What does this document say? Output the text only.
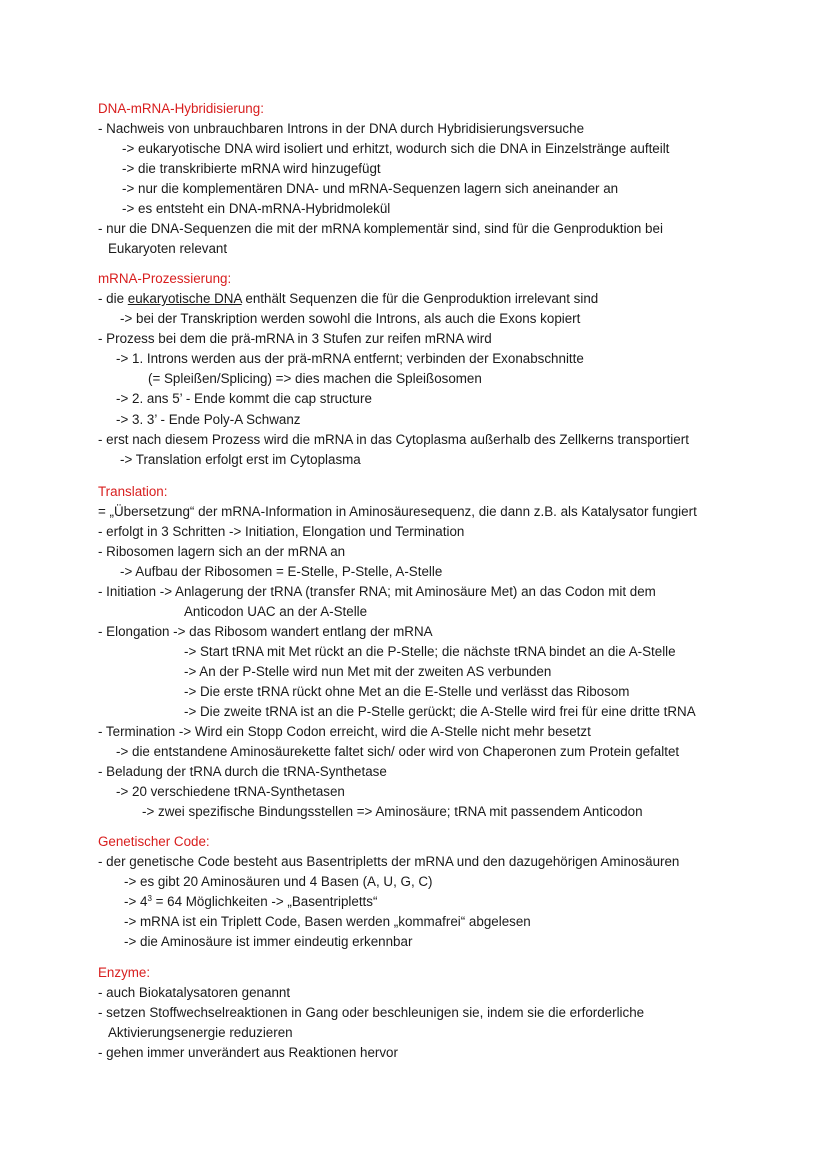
DNA-mRNA-Hybridisierung:
- Nachweis von unbrauchbaren Introns in der DNA durch Hybridisierungsversuche
-> eukaryotische DNA wird isoliert und erhitzt, wodurch sich die DNA in Einzelstränge aufteilt
-> die transkribierte mRNA wird hinzugefügt
-> nur die komplementären DNA- und mRNA-Sequenzen lagern sich aneinander an
-> es entsteht ein DNA-mRNA-Hybridmolekül
- nur die DNA-Sequenzen die mit der mRNA komplementär sind, sind für die Genproduktion bei
Eukaryoten relevant
mRNA-Prozessierung:
- die eukaryotische DNA enthält Sequenzen die für die Genproduktion irrelevant sind
-> bei der Transkription werden sowohl die Introns, als auch die Exons kopiert
- Prozess bei dem die prä-mRNA in 3 Stufen zur reifen mRNA wird
-> 1. Introns werden aus der prä-mRNA entfernt; verbinden der Exonabschnitte
(= Spleißen/Splicing) => dies machen die Spleißosomen
-> 2. ans 5’ - Ende kommt die cap structure
-> 3. 3’ - Ende Poly-A Schwanz
- erst nach diesem Prozess wird die mRNA in das Cytoplasma außerhalb des Zellkerns transportiert
-> Translation erfolgt erst im Cytoplasma
Translation:
= „Übersetzung“ der mRNA-Information in Aminosäuresequenz, die dann z.B. als Katalysator fungiert
- erfolgt in 3 Schritten -> Initiation, Elongation und Termination
- Ribosomen lagern sich an der mRNA an
-> Aufbau der Ribosomen = E-Stelle, P-Stelle, A-Stelle
- Initiation -> Anlagerung der tRNA (transfer RNA; mit Aminosäure Met) an das Codon mit dem
Anticodon UAC an der A-Stelle
- Elongation -> das Ribosom wandert entlang der mRNA
-> Start tRNA mit Met rückt an die P-Stelle; die nächste tRNA bindet an die A-Stelle
-> An der P-Stelle wird nun Met mit der zweiten AS verbunden
-> Die erste tRNA rückt ohne Met an die E-Stelle und verlässt das Ribosom
-> Die zweite tRNA ist an die P-Stelle gerückt; die A-Stelle wird frei für eine dritte tRNA
- Termination -> Wird ein Stopp Codon erreicht, wird die A-Stelle nicht mehr besetzt
-> die entstandene Aminosäurekette faltet sich/ oder wird von Chaperonen zum Protein gefaltet
- Beladung der tRNA durch die tRNA-Synthetase
-> 20 verschiedene tRNA-Synthetasen
-> zwei spezifische Bindungsstellen => Aminosäure; tRNA mit passendem Anticodon
Genetischer Code:
- der genetische Code besteht aus Basentripletts der mRNA und den dazugehörigen Aminosäuren
-> es gibt 20 Aminosäuren und 4 Basen (A, U, G, C)
-> $4^3 = 64$ Möglichkeiten -> „Basentripletts“
-> mRNA ist ein Triplett Code, Basen werden „kommafrei“ abgelesen
-> die Aminosäure ist immer eindeutig erkennbar
Enzyme:
- auch Biokatalysatoren genannt
- setzen Stoffwechselreaktionen in Gang oder beschleunigen sie, indem sie die erforderliche
Aktivierungsenergie reduzieren
- gehen immer unverändert aus Reaktionen hervor
